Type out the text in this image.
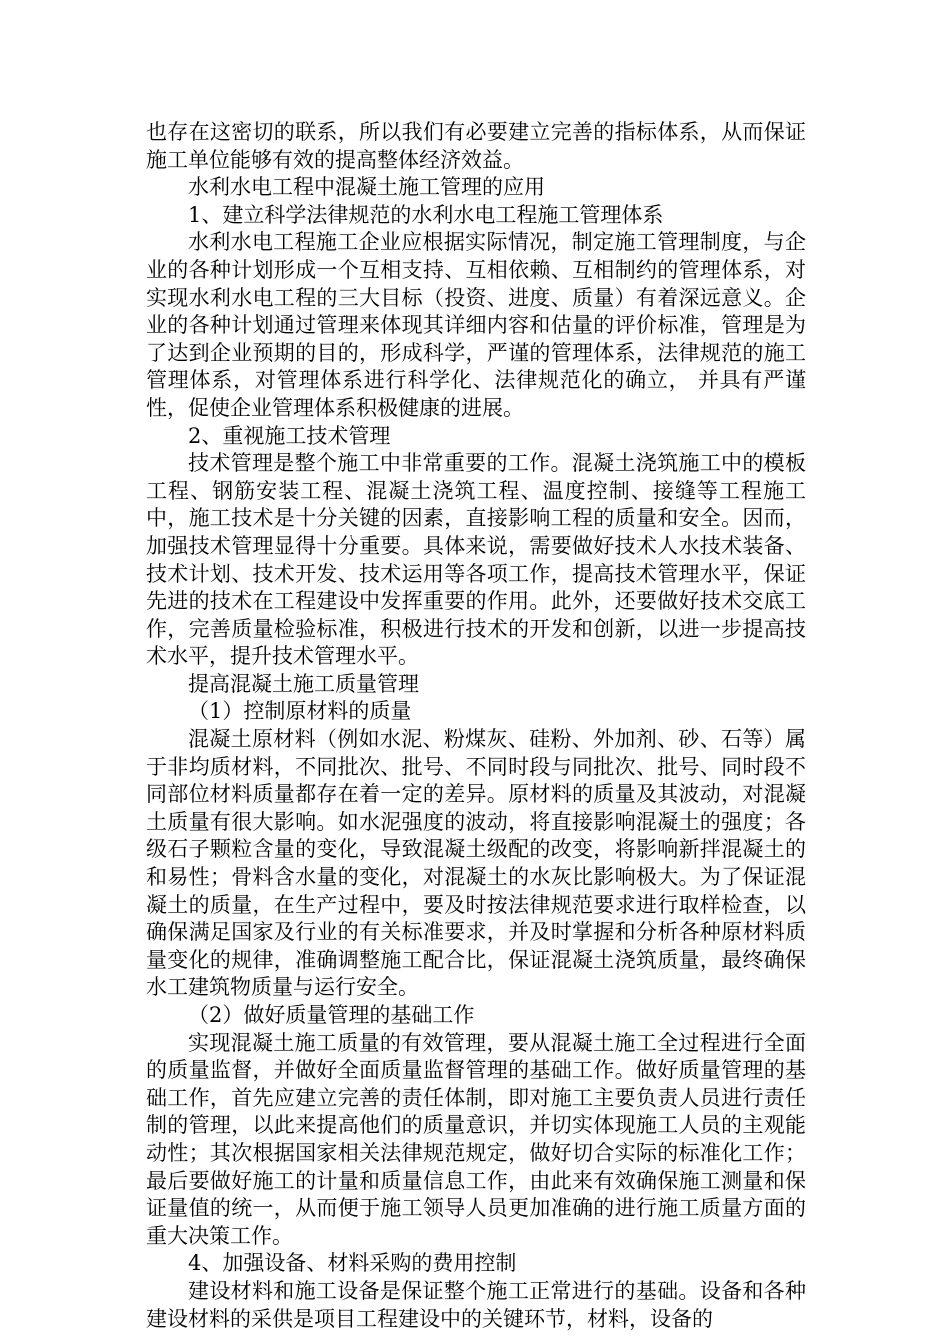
也存在这密切的联系，所以我们有必要建立完善的指标体系，从而保证施工单位能够有效的提高整体经济效益。

水利水电工程中混凝土施工管理的应用

1、建立科学法律规范的水利水电工程施工管理体系

水利水电工程施工企业应根据实际情况，制定施工管理制度，与企业的各种计划形成一个互相支持、互相依赖、互相制约的管理体系，对实现水利水电工程的三大目标（投资、进度、质量）有着深远意义。企业的各种计划通过管理来体现其详细内容和估量的评价标准，管理是为了达到企业预期的目的，形成科学，严谨的管理体系，法律规范的施工管理体系，对管理体系进行科学化、法律规范化的确立， 并具有严谨性，促使企业管理体系积极健康的进展。

2、重视施工技术管理

技术管理是整个施工中非常重要的工作。混凝土浇筑施工中的模板工程、钢筋安装工程、混凝土浇筑工程、温度控制、接缝等工程施工中，施工技术是十分关键的因素，直接影响工程的质量和安全。因而，加强技术管理显得十分重要。具体来说，需要做好技术人水技术装备、技术计划、技术开发、技术运用等各项工作，提高技术管理水平，保证先进的技术在工程建设中发挥重要的作用。此外，还要做好技术交底工作，完善质量检验标准，积极进行技术的开发和创新，以进一步提高技术水平，提升技术管理水平。

提高混凝土施工质量管理

（1）控制原材料的质量

混凝土原材料（例如水泥、粉煤灰、硅粉、外加剂、砂、石等）属于非均质材料，不同批次、批号、不同时段与同批次、批号、同时段不同部位材料质量都存在着一定的差异。原材料的质量及其波动，对混凝土质量有很大影响。如水泥强度的波动，将直接影响混凝土的强度；各级石子颗粒含量的变化，导致混凝土级配的改变，将影响新拌混凝土的和易性；骨料含水量的变化，对混凝土的水灰比影响极大。为了保证混凝土的质量，在生产过程中，要及时按法律规范要求进行取样检查，以确保满足国家及行业的有关标准要求，并及时掌握和分析各种原材料质量变化的规律，准确调整施工配合比，保证混凝土浇筑质量，最终确保水工建筑物质量与运行安全。

（2）做好质量管理的基础工作

实现混凝土施工质量的有效管理，要从混凝土施工全过程进行全面的质量监督，并做好全面质量监督管理的基础工作。做好质量管理的基础工作，首先应建立完善的责任体制，即对施工主要负责人员进行责任制的管理，以此来提高他们的质量意识，并切实体现施工人员的主观能动性；其次根据国家相关法律规范规定，做好切合实际的标准化工作；最后要做好施工的计量和质量信息工作，由此来有效确保施工测量和保证量值的统一，从而便于施工领导人员更加准确的进行施工质量方面的重大决策工作。

4、加强设备、材料采购的费用控制

建设材料和施工设备是保证整个施工正常进行的基础。设备和各种建设材料的采供是项目工程建设中的关键环节，材料，设备的
